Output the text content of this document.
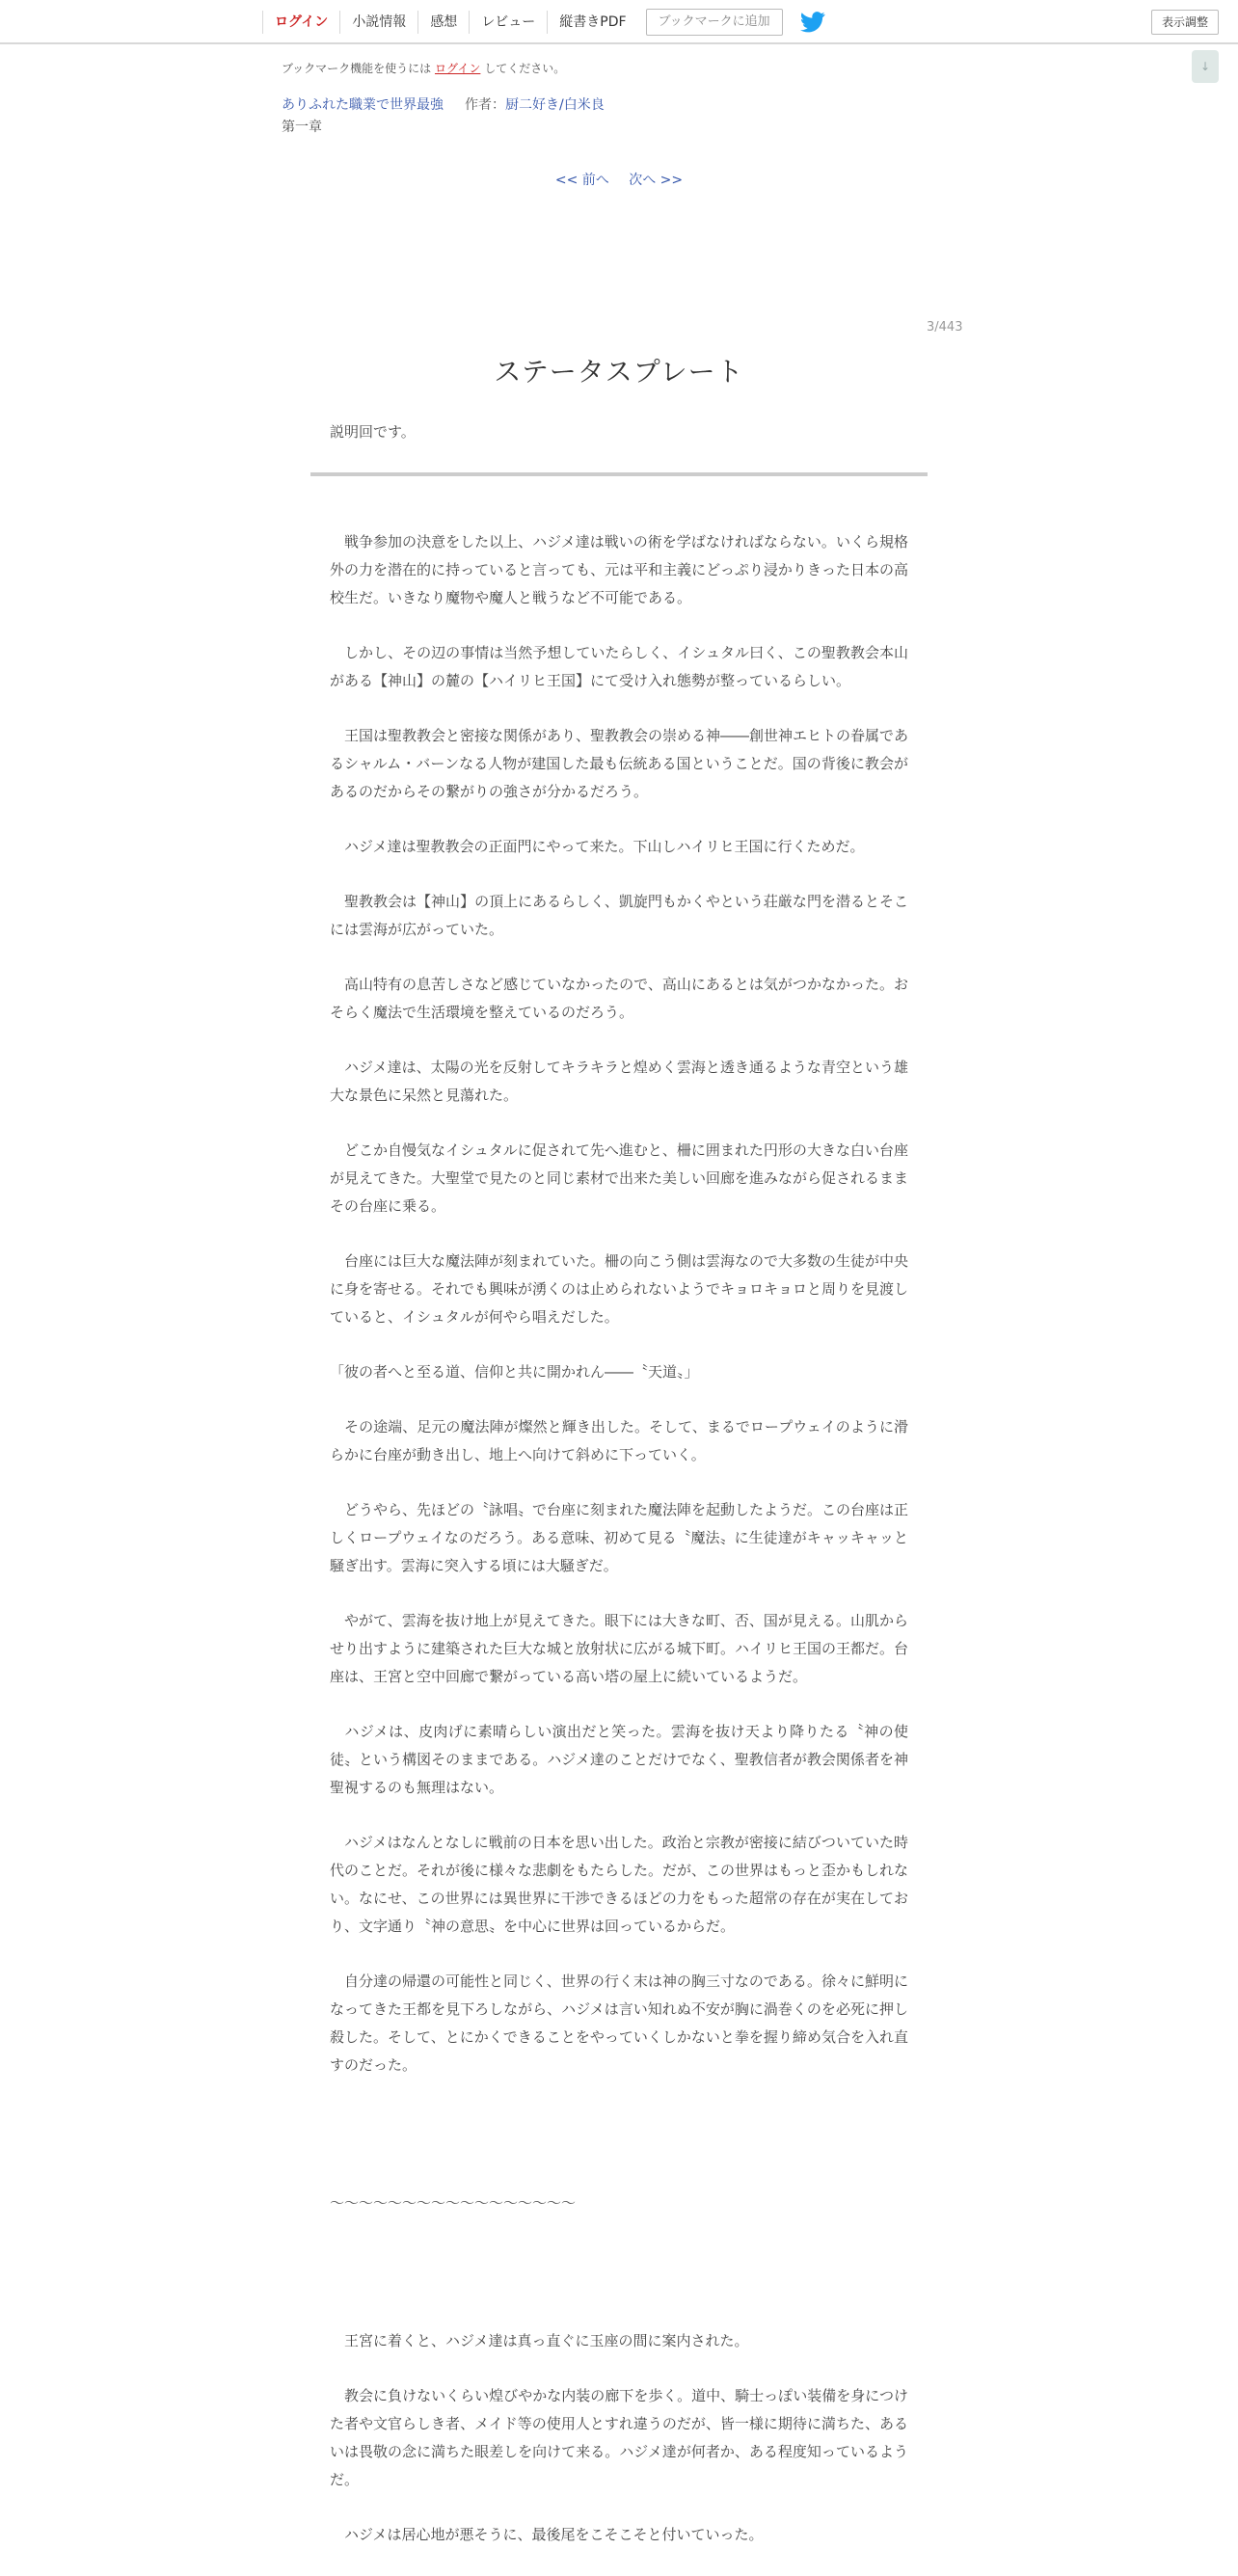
ログイン	小説情報	感想	レビュー	縦書きPDF	ブックマークに追加	表示調整
↓
ブックマーク機能を使うには ログイン してください。
ありふれた職業で世界最強 作者：厨二好き/白米良
第一章
<< 前へ 次へ >>
3/443
ステータスプレート
説明回です。

　戦争参加の決意をした以上、ハジメ達は戦いの術を学ばなければならない。いくら規格外の力を潜在的に持っていると言っても、元は平和主義にどっぷり浸かりきった日本の高校生だ。いきなり魔物や魔人と戦うなど不可能である。

　しかし、その辺の事情は当然予想していたらしく、イシュタル曰く、この聖教教会本山がある【神山】の麓の【ハイリヒ王国】にて受け入れ態勢が整っているらしい。

　王国は聖教教会と密接な関係があり、聖教教会の崇める神――創世神エヒトの眷属であるシャルム・バーンなる人物が建国した最も伝統ある国ということだ。国の背後に教会があるのだからその繋がりの強さが分かるだろう。

　ハジメ達は聖教教会の正面門にやって来た。下山しハイリヒ王国に行くためだ。

　聖教教会は【神山】の頂上にあるらしく、凱旋門もかくやという荘厳な門を潜るとそこには雲海が広がっていた。

　高山特有の息苦しさなど感じていなかったので、高山にあるとは気がつかなかった。おそらく魔法で生活環境を整えているのだろう。

　ハジメ達は、太陽の光を反射してキラキラと煌めく雲海と透き通るような青空という雄大な景色に呆然と見蕩れた。

　どこか自慢気なイシュタルに促されて先へ進むと、柵に囲まれた円形の大きな白い台座が見えてきた。大聖堂で見たのと同じ素材で出来た美しい回廊を進みながら促されるままその台座に乗る。

　台座には巨大な魔法陣が刻まれていた。柵の向こう側は雲海なので大多数の生徒が中央に身を寄せる。それでも興味が湧くのは止められないようでキョロキョロと周りを見渡していると、イシュタルが何やら唱えだした。

「彼の者へと至る道、信仰と共に開かれん――〝天道〟」

　その途端、足元の魔法陣が燦然と輝き出した。そして、まるでロープウェイのように滑らかに台座が動き出し、地上へ向けて斜めに下っていく。

　どうやら、先ほどの〝詠唱〟で台座に刻まれた魔法陣を起動したようだ。この台座は正しくロープウェイなのだろう。ある意味、初めて見る〝魔法〟に生徒達がキャッキャッと騒ぎ出す。雲海に突入する頃には大騒ぎだ。

　やがて、雲海を抜け地上が見えてきた。眼下には大きな町、否、国が見える。山肌からせり出すように建築された巨大な城と放射状に広がる城下町。ハイリヒ王国の王都だ。台座は、王宮と空中回廊で繋がっている高い塔の屋上に続いているようだ。

　ハジメは、皮肉げに素晴らしい演出だと笑った。雲海を抜け天より降りたる〝神の使徒〟という構図そのままである。ハジメ達のことだけでなく、聖教信者が教会関係者を神聖視するのも無理はない。

　ハジメはなんとなしに戦前の日本を思い出した。政治と宗教が密接に結びついていた時代のことだ。それが後に様々な悲劇をもたらした。だが、この世界はもっと歪かもしれない。なにせ、この世界には異世界に干渉できるほどの力をもった超常の存在が実在しており、文字通り〝神の意思〟を中心に世界は回っているからだ。

　自分達の帰還の可能性と同じく、世界の行く末は神の胸三寸なのである。徐々に鮮明になってきた王都を見下ろしながら、ハジメは言い知れぬ不安が胸に渦巻くのを必死に押し殺した。そして、とにかくできることをやっていくしかないと拳を握り締め気合を入れ直すのだった。

～～～～～～～～～～～～～～～～～

　王宮に着くと、ハジメ達は真っ直ぐに玉座の間に案内された。

　教会に負けないくらい煌びやかな内装の廊下を歩く。道中、騎士っぽい装備を身につけた者や文官らしき者、メイド等の使用人とすれ違うのだが、皆一様に期待に満ちた、あるいは畏敬の念に満ちた眼差しを向けて来る。ハジメ達が何者か、ある程度知っているようだ。

　ハジメは居心地が悪そうに、最後尾をこそこそと付いていった。
